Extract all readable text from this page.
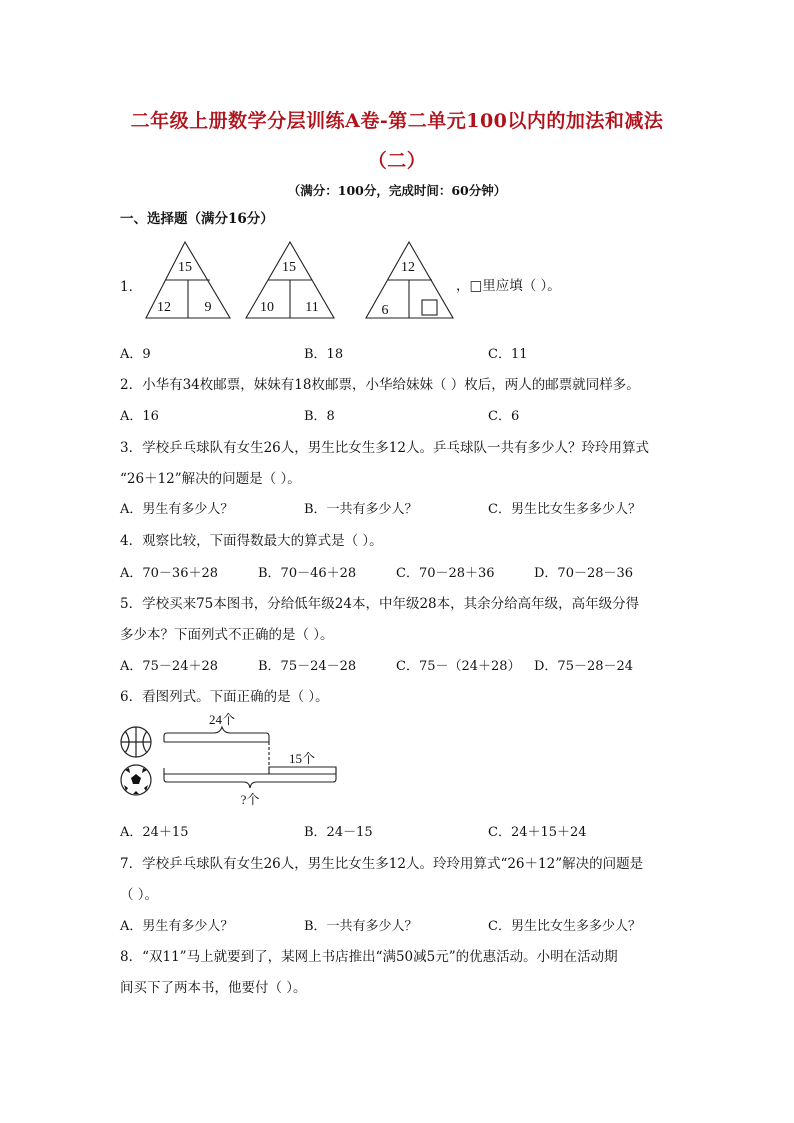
二年级上册数学分层训练A卷-第二单元100以内的加法和减法
（二）
（满分：100分，完成时间：60分钟）
一、选择题（满分16分）
1．
15
12 9
15
10 11
12
6
，□里应填（ ）。
A．9	B．18	C．11
2．小华有34枚邮票，妹妹有18枚邮票，小华给妹妹（ ）枚后，两人的邮票就同样多。
A．16	B．8	C．6
3．学校乒乓球队有女生26人，男生比女生多12人。乒乓球队一共有多少人？玲玲用算式
“26＋12”解决的问题是（ ）。
A．男生有多少人？	B．一共有多少人？	C．男生比女生多多少人？
4．观察比较，下面得数最大的算式是（ ）。
A．70－36＋28	B．70－46＋28	C．70－28＋36	D．70－28－36
5．学校买来75本图书，分给低年级24本，中年级28本，其余分给高年级，高年级分得
多少本？下面列式不正确的是（ ）。
A．75－24＋28	B．75－24－28	C．75－（24＋28） D．75－28－24
6．看图列式。下面正确的是（ ）。
24个
15个
?个
A．24＋15	B．24－15	C．24＋15＋24
7．学校乒乓球队有女生26人，男生比女生多12人。玲玲用算式“26＋12”解决的问题是
（ ）。
A．男生有多少人？	B．一共有多少人？	C．男生比女生多多少人？
8．“双11”马上就要到了，某网上书店推出“满50减5元”的优惠活动。小明在活动期
间买下了两本书，他要付（ ）。
